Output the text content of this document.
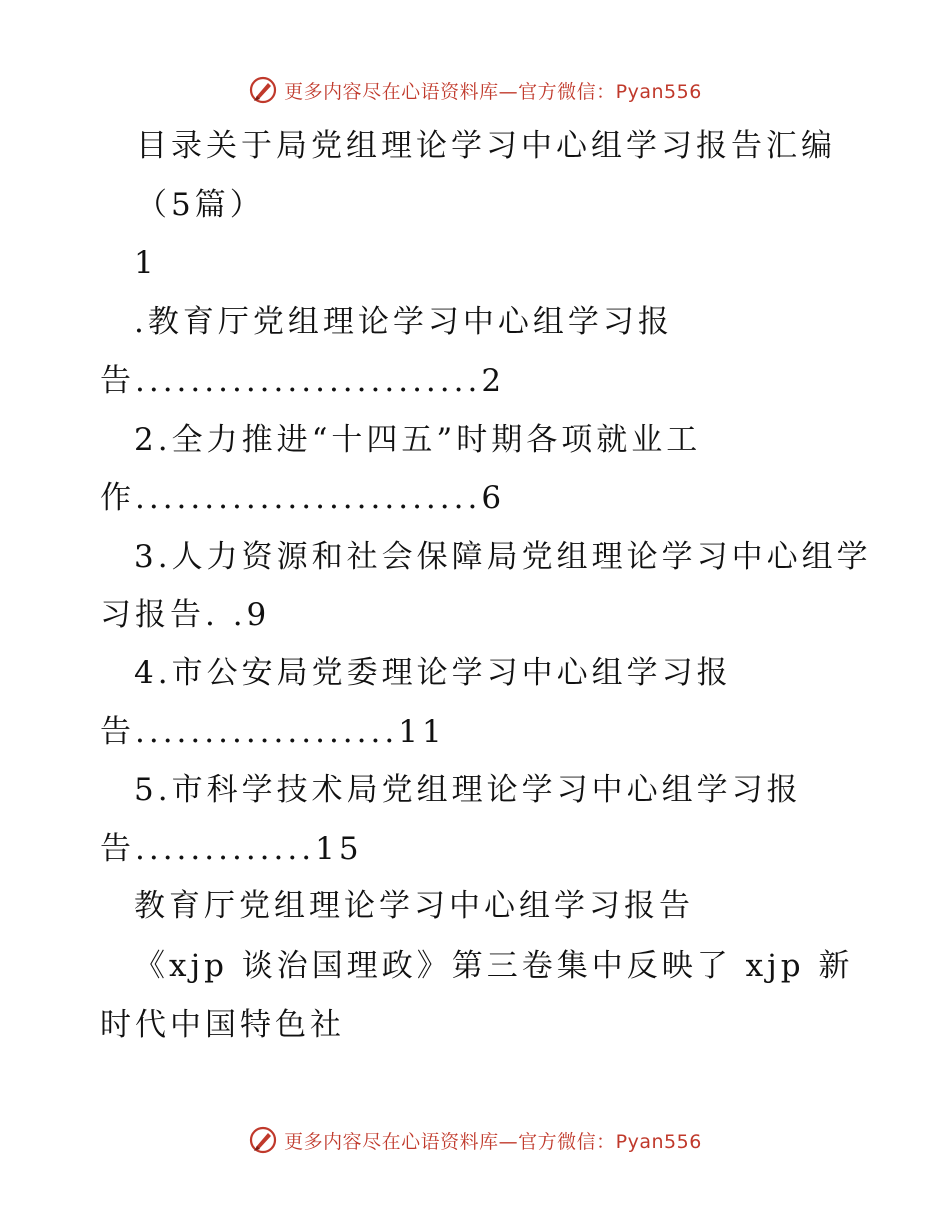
更多内容尽在心语资料库—官方微信：Pyan556
目录关于局党组理论学习中心组学习报告汇编
（5篇）
1
.教育厅党组理论学习中心组学习报
告.........................2
2.全力推进“十四五”时期各项就业工
作.........................6
3.人力资源和社会保障局党组理论学习中心组学
习报告. .9
4.市公安局党委理论学习中心组学习报
告...................11
5.市科学技术局党组理论学习中心组学习报
告.............15
教育厅党组理论学习中心组学习报告
《xjp 谈治国理政》第三卷集中反映了 xjp 新
时代中国特色社
更多内容尽在心语资料库—官方微信：Pyan556
